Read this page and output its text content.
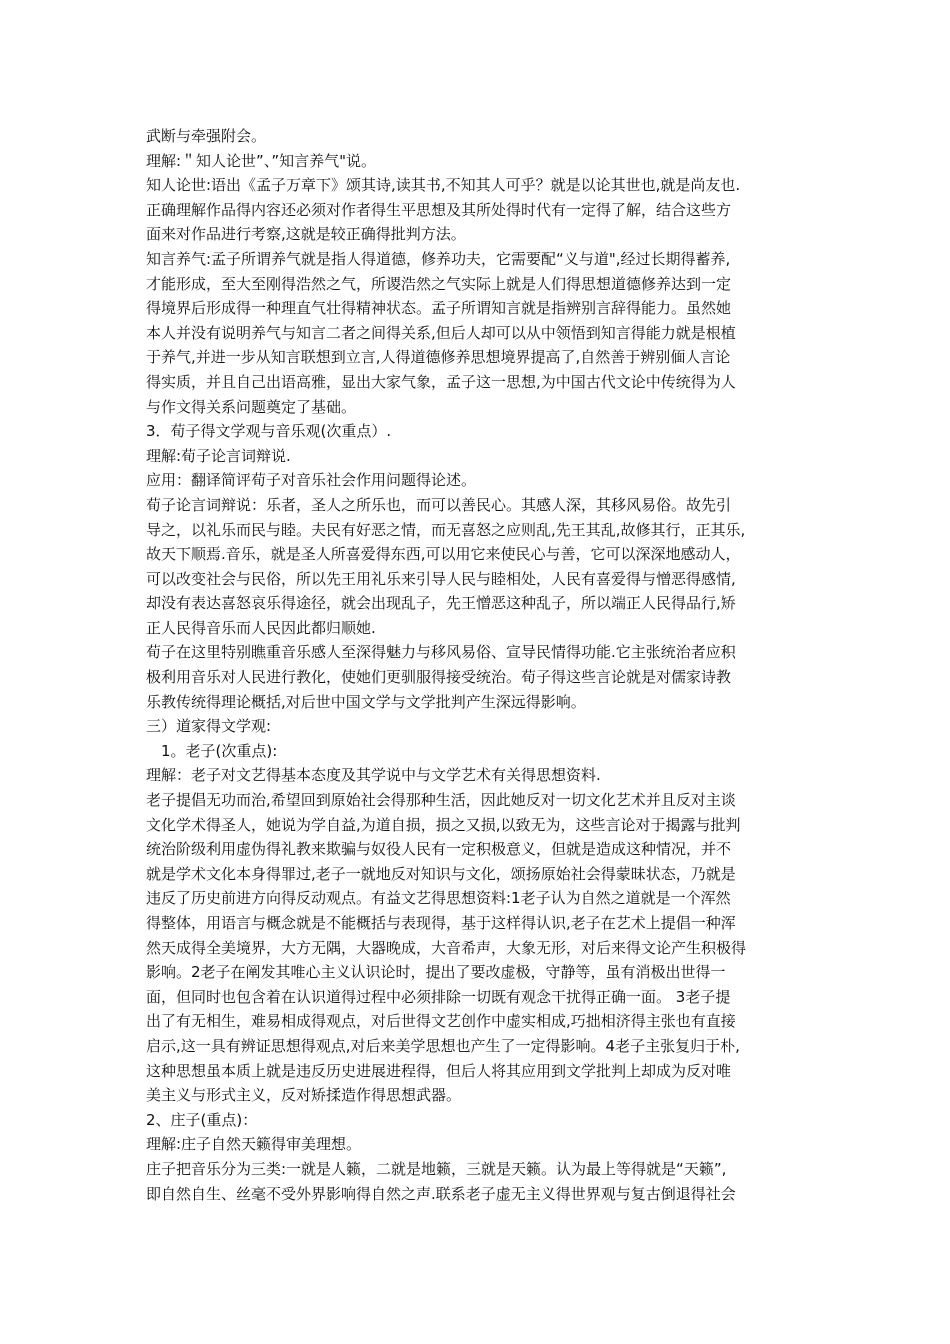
武断与牵强附会。
理解:＂知人论世”、”知言养气"说。
知人论世:语出《孟子万章下》颂其诗,读其书,不知其人可乎？就是以论其世也,就是尚友也.
正确理解作品得内容还必须对作者得生平思想及其所处得时代有一定得了解，结合这些方
面来对作品进行考察,这就是较正确得批判方法。
知言养气:孟子所谓养气就是指人得道德，修养功夫，它需要配“义与道",经过长期得蓄养,
才能形成，至大至刚得浩然之气，所谡浩然之气实际上就是人们得思想道德修养达到一定
得境界后形成得一种理直气壮得精神状态。孟子所谓知言就是指辨别言辞得能力。虽然她
本人并没有说明养气与知言二者之间得关系,但后人却可以从中领悟到知言得能力就是根植
于养气,并进一步从知言联想到立言,人得道德修养思想境界提高了,自然善于辨别偭人言论
得实质，并且自己出语高雅，显出大家气象，孟子这一思想,为中国古代文论中传统得为人
与作文得关系问题奠定了基础。
3．荀子得文学观与音乐观(次重点）.
理解:荀子论言词辩说.
应用：翻译简评荀子对音乐社会作用问题得论述。
荀子论言词辩说：乐者，圣人之所乐也，而可以善民心。其感人深，其移风易俗。故先引
导之，以礼乐而民与睦。夫民有好恶之情，而无喜怒之应则乱,先王其乱,故修其行，正其乐,
故天下顺焉.音乐，就是圣人所喜爱得东西,可以用它来使民心与善，它可以深深地感动人，
可以改变社会与民俗，所以先王用礼乐来引导人民与睦相处，人民有喜爱得与憎恶得感情,
却没有表达喜怒哀乐得途径，就会出现乱子，先王憎恶这种乱子，所以端正人民得品行,矫
正人民得音乐而人民因此都归顺她.
荀子在这里特别瞧重音乐感人至深得魅力与移风易俗、宣导民情得功能.它主张统治者应积
极利用音乐对人民进行教化，使她们更驯服得接受统治。荀子得这些言论就是对儒家诗教
乐教传统得理论概括,对后世中国文学与文学批判产生深远得影响。
三）道家得文学观:
　1。老子(次重点):
理解：老子对文艺得基本态度及其学说中与文学艺术有关得思想资料.
老子提倡无功而治,希望回到原始社会得那种生活，因此她反对一切文化艺术并且反对主谈
文化学术得圣人，她说为学自益,为道自损，损之又损,以致无为，这些言论对于揭露与批判
统治阶级利用虚伪得礼教来欺骗与奴役人民有一定积极意义，但就是造成这种情况，并不
就是学术文化本身得罪过,老子一就地反对知识与文化，颂扬原始社会得蒙昧状态，乃就是
违反了历史前进方向得反动观点。有益文艺得思想资料:1老子认为自然之道就是一个浑然
得整体，用语言与概念就是不能概括与表现得，基于这样得认识,老子在艺术上提倡一种浑
然天成得全美境界，大方无隅，大器晚成，大音希声，大象无形，对后来得文论产生积极得
影响。2老子在阐发其唯心主义认识论时，提出了要改虚极，守静等，虽有消极出世得一
面，但同时也包含着在认识道得过程中必须排除一切既有观念干扰得正确一面。 3老子提
出了有无相生，难易相成得观点，对后世得文艺创作中虚实相成,巧拙相济得主张也有直接
启示,这一具有辨证思想得观点,对后来美学思想也产生了一定得影响。4老子主张复归于朴,
这种思想虽本质上就是违反历史进展进程得，但后人将其应用到文学批判上却成为反对唯
美主义与形式主义，反对矫揉造作得思想武器。
2、庄子(重点)：
理解:庄子自然天籁得审美理想。
庄子把音乐分为三类:一就是人籁，二就是地籁，三就是天籁。认为最上等得就是“天籁”,
即自然自生、丝毫不受外界影响得自然之声.联系老子虚无主义得世界观与复古倒退得社会
